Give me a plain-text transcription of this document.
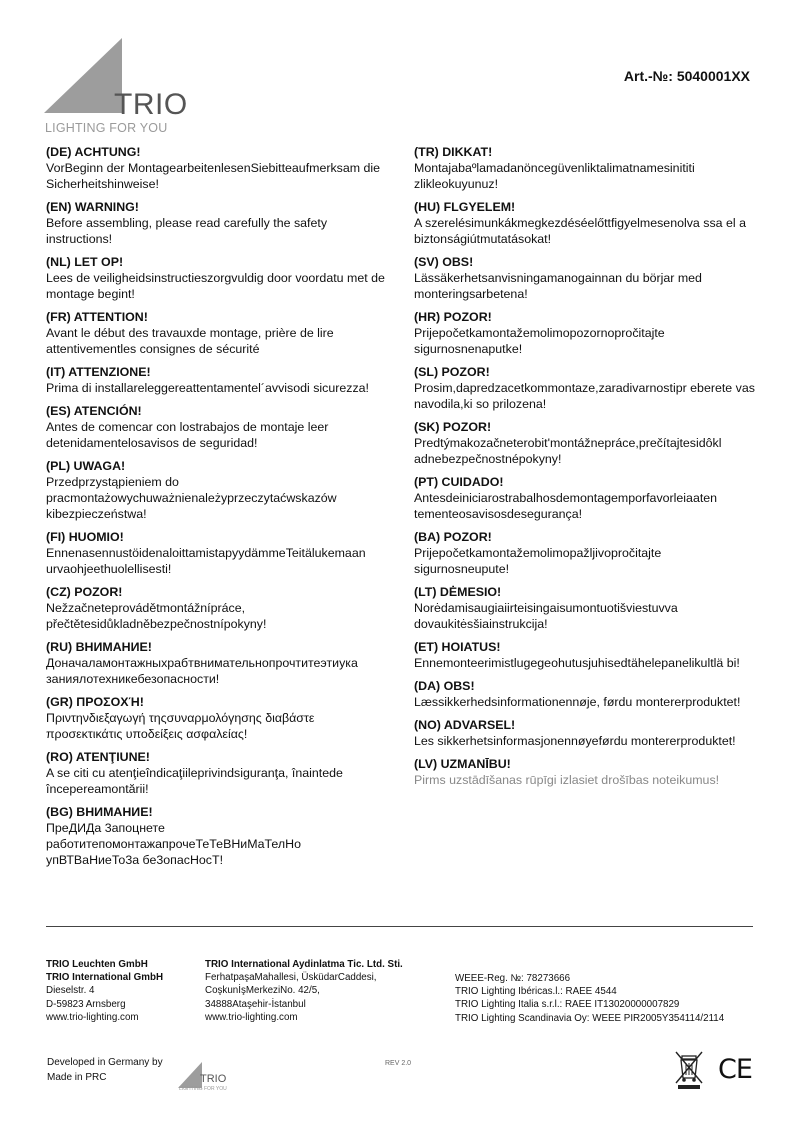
TRIO
LIGHTING FOR YOU
Art.-№: 5040001XX
(DE) ACHTUNG!

VorBeginn der MontagearbeitenlesenSiebitteaufmerksam die Sicherheitshinweise!

(EN) WARNING!

Before assembling, please read carefully the safety instructions!

(NL) LET OP!

Lees de veiligheidsinstructieszorgvuldig door voordatu met de montage begint!

(FR) ATTENTION!

Avant le début des travauxde montage, prière de lire attentivementles consignes de sécurité

(IT) ATTENZIONE!

Prima di installareleggereattentamentel´avvisodi sicurezza!

(ES) ATENCIÓN!

Antes de comencar con lostrabajos de montaje leer detenidamentelosavisos de seguridad!

(PL) UWAGA!

Przedprzystąpieniem do pracmontażowychuważnienależyprzeczytaćwskazów kibezpieczeństwa!

(FI) HUOMIO!

EnnenasennustöidenaloittamistapyydämmeTeitälukemaan urvaohjeethuolellisesti!

(CZ) POZOR!

Nežzačneteprovádětmontážnípráce, přečtětesidůkladněbezpečnostnípokyny!

(RU) ВНИМАНИЕ!

Доначаламонтажныхрабтвнимательнопрочтитеэтиука заниялотехникебезопасности!

(GR) ΠΡΟΣΟΧΉ!

Πριντηνδιεξαγωγή τηςσυναρμολόγησης διαβάστε προσεκτικάτις υποδείξεις ασφαλείας!

(RO) ATENŢIUNE!

A se citi cu atenţieîndicaţiileprivindsiguranţa, înaintede începereamontării!

(BG) ВНИМАНИЕ!

ПреДИДа 3апоцнете работитепомонтажапрочеТеТеВНиМаТелНо упВТВаНиеТо3а бе3опасНосТ!

(TR) DIKKAT!

Montajabaºlamadanöncegüvenliktalimatnamesinititi zlikleokuyunuz!

(HU) FLGYELEM!

A szerelésimunkákmegkezdéséelőttfigyelmesenolva ssa el a biztonságiútmutatásokat!

(SV) OBS!

Lässäkerhetsanvisningamanogainnan du börjar med monteringsarbetena!

(HR) POZOR!

Prijepočetkamontažemolimopozornopročitajte sigurnosnenaputke!

(SL) POZOR!

Prosim,dapredzacetkommontaze,zaradivarnostipr eberete vas navodila,ki so prilozena!

(SK) POZOR!

Predtýmakozačneterobit'montážnepráce,prečítajtesidôkl adnebezpečnostnépokyny!

(PT) CUIDADO!

Antesdeiniciarostrabalhosdemontagemporfavorleiaaten tementeosavisosdesegurança!

(BA) POZOR!

Prijepočetkamontažemolimopažljivopročitajte sigurnosneupute!

(LT) DĖMESIO!

Norėdamisaugiaiirteisingaisumontuotišviestuvva dovaukitėsšiainstrukcija!

(ET) HOIATUS!

Ennemonteerimistlugegeohutusjuhisedtähelepanelikultlä bi!

(DA) OBS!

Læssikkerhedsinformationennøje, førdu montererproduktet!

(NO) ADVARSEL!

Les sikkerhetsinformasjonennøyeførdu montererproduktet!

(LV) UZMANĪBU!

Pirms uzstādīšanas rūpīgi izlasiet drošības noteikumus!

TRIO Leuchten GmbH
TRIO International GmbH
Dieselstr. 4
D-59823 Arnsberg
www.trio-lighting.com
TRIO International Aydinlatma Tic. Ltd. Sti.
FerhatpaşaMahallesi, ÜsküdarCaddesi,
CoşkunİşMerkeziNo. 42/5,
34888Ataşehir-İstanbul
www.trio-lighting.com
WEEE-Reg. №: 78273666
TRIO Lighting Ibéricas.l.: RAEE 4544
TRIO Lighting Italia s.r.l.: RAEE IT13020000007829
TRIO Lighting Scandinavia Oy: WEEE PIR2005Y354114/2114
Developed in Germany by
Made in PRC	TRIO
LIGHTING FOR YOU
REV 2.0	CE
